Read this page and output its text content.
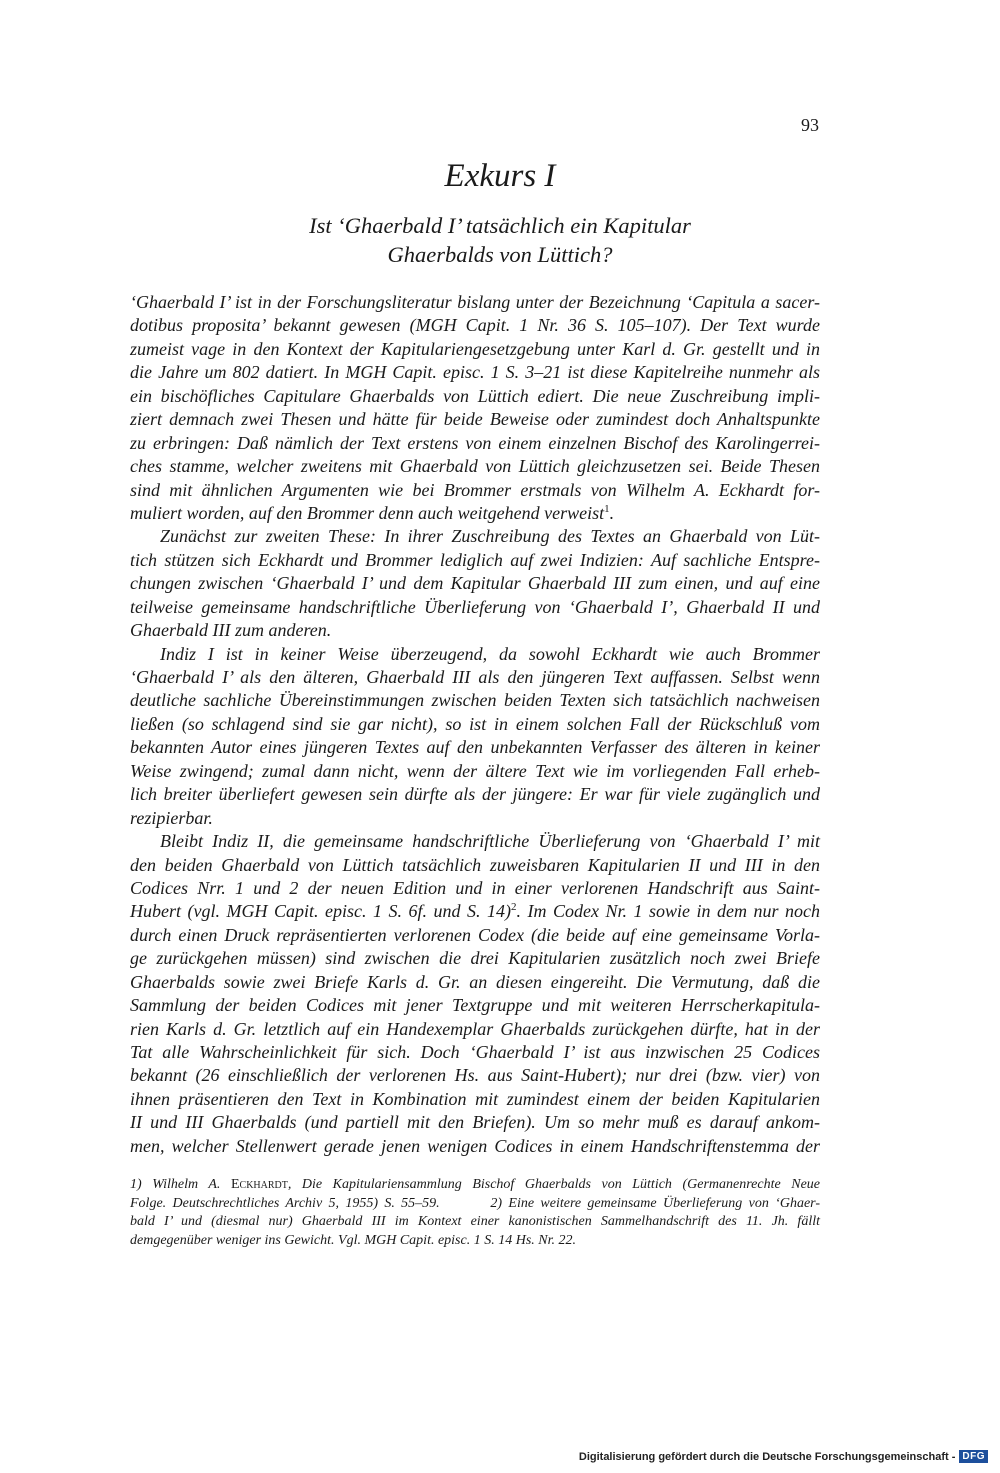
93
Exkurs I
Ist ‘Ghaerbald I’ tatsächlich ein Kapitular
Ghaerbalds von Lüttich?
‘Ghaerbald I’ ist in der Forschungsliteratur bislang unter der Bezeichnung ‘Capitula a sacer-
dotibus proposita’ bekannt gewesen (MGH Capit. 1 Nr. 36 S. 105–107). Der Text wurde
zumeist vage in den Kontext der Kapitulariengesetzgebung unter Karl d. Gr. gestellt und in
die Jahre um 802 datiert. In MGH Capit. episc. 1 S. 3–21 ist diese Kapitelreihe nunmehr als
ein bischöfliches Capitulare Ghaerbalds von Lüttich ediert. Die neue Zuschreibung impli-
ziert demnach zwei Thesen und hätte für beide Beweise oder zumindest doch Anhaltspunkte
zu erbringen: Daß nämlich der Text erstens von einem einzelnen Bischof des Karolingerrei-
ches stamme, welcher zweitens mit Ghaerbald von Lüttich gleichzusetzen sei. Beide Thesen
sind mit ähnlichen Argumenten wie bei Brommer erstmals von Wilhelm A. Eckhardt for-
muliert worden, auf den Brommer denn auch weitgehend verweist$^1$.
Zunächst zur zweiten These: In ihrer Zuschreibung des Textes an Ghaerbald von Lüt-
tich stützen sich Eckhardt und Brommer lediglich auf zwei Indizien: Auf sachliche Entspre-
chungen zwischen ‘Ghaerbald I’ und dem Kapitular Ghaerbald III zum einen, und auf eine
teilweise gemeinsame handschriftliche Überlieferung von ‘Ghaerbald I’, Ghaerbald II und
Ghaerbald III zum anderen.
Indiz I ist in keiner Weise überzeugend, da sowohl Eckhardt wie auch Brommer
‘Ghaerbald I’ als den älteren, Ghaerbald III als den jüngeren Text auffassen. Selbst wenn
deutliche sachliche Übereinstimmungen zwischen beiden Texten sich tatsächlich nachweisen
ließen (so schlagend sind sie gar nicht), so ist in einem solchen Fall der Rückschluß vom
bekannten Autor eines jüngeren Textes auf den unbekannten Verfasser des älteren in keiner
Weise zwingend; zumal dann nicht, wenn der ältere Text wie im vorliegenden Fall erheb-
lich breiter überliefert gewesen sein dürfte als der jüngere: Er war für viele zugänglich und
rezipierbar.
Bleibt Indiz II, die gemeinsame handschriftliche Überlieferung von ‘Ghaerbald I’ mit
den beiden Ghaerbald von Lüttich tatsächlich zuweisbaren Kapitularien II und III in den
Codices Nrr. 1 und 2 der neuen Edition und in einer verlorenen Handschrift aus Saint-
Hubert (vgl. MGH Capit. episc. 1 S. 6f. und S. 14)$^2$. Im Codex Nr. 1 sowie in dem nur noch
durch einen Druck repräsentierten verlorenen Codex (die beide auf eine gemeinsame Vorla-
ge zurückgehen müssen) sind zwischen die drei Kapitularien zusätzlich noch zwei Briefe
Ghaerbalds sowie zwei Briefe Karls d. Gr. an diesen eingereiht. Die Vermutung, daß die
Sammlung der beiden Codices mit jener Textgruppe und mit weiteren Herrscherkapitula-
rien Karls d. Gr. letztlich auf ein Handexemplar Ghaerbalds zurückgehen dürfte, hat in der
Tat alle Wahrscheinlichkeit für sich. Doch ‘Ghaerbald I’ ist aus inzwischen 25 Codices
bekannt (26 einschließlich der verlorenen Hs. aus Saint-Hubert); nur drei (bzw. vier) von
ihnen präsentieren den Text in Kombination mit zumindest einem der beiden Kapitularien
II und III Ghaerbalds (und partiell mit den Briefen). Um so mehr muß es darauf ankom-
men, welcher Stellenwert gerade jenen wenigen Codices in einem Handschriftenstemma der
1) Wilhelm A. Eckhardt, Die Kapitulariensammlung Bischof Ghaerbalds von Lüttich (Germanenrechte Neue
Folge. Deutschrechtliches Archiv 5, 1955) S. 55–59.	2) Eine weitere gemeinsame Überlieferung von ‘Ghaer-
bald I’ und (diesmal nur) Ghaerbald III im Kontext einer kanonistischen Sammelhandschrift des 11. Jh. fällt
demgegenüber weniger ins Gewicht. Vgl. MGH Capit. episc. 1 S. 14 Hs. Nr. 22.
Digitalisierung gefördert durch die Deutsche Forschungsgemeinschaft - DFG
